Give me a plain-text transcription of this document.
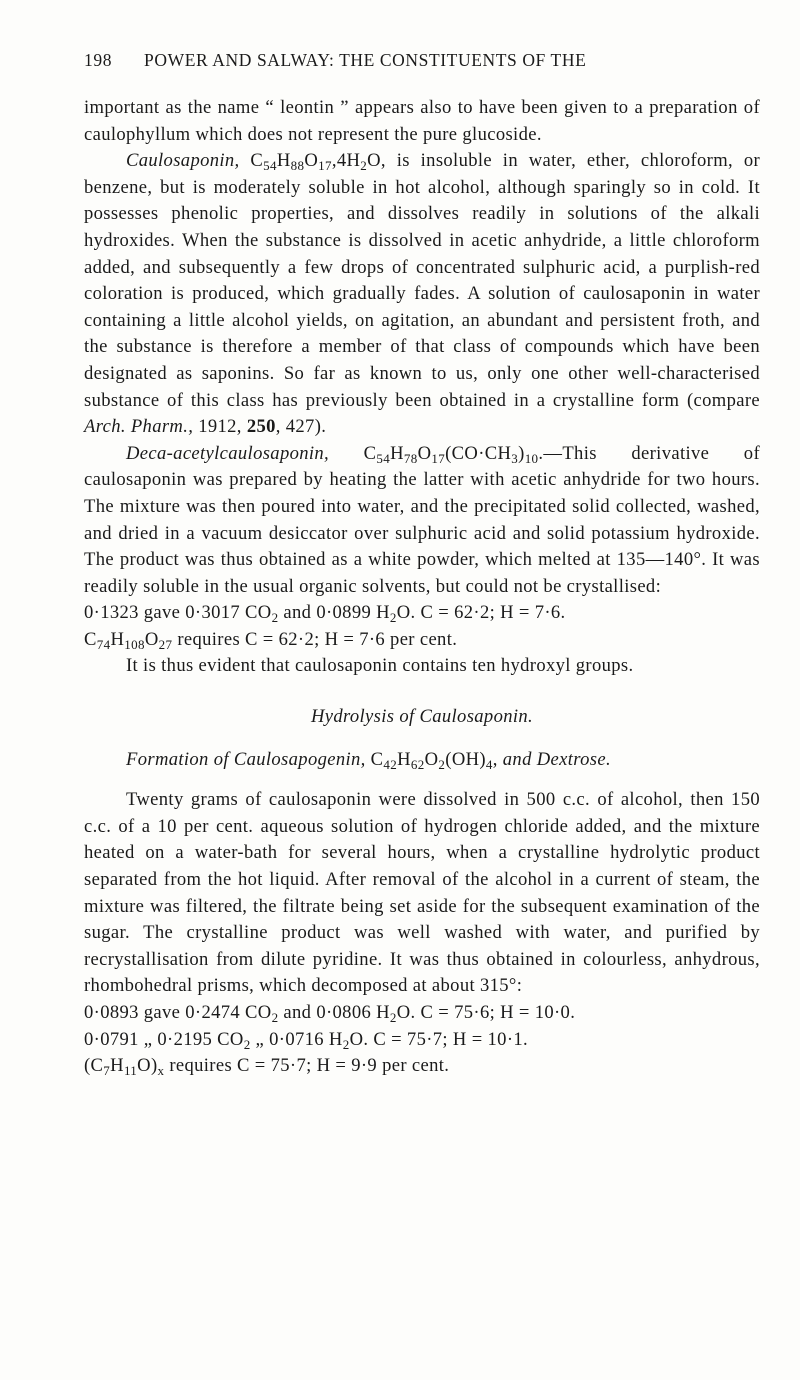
198 POWER AND SALWAY: THE CONSTITUENTS OF THE

important as the name “ leontin ” appears also to have been given to a preparation of caulophyllum which does not represent the pure glucoside.

Caulosaponin, $C_{54}H_{88}O_{17},4H_2O$, is insoluble in water, ether, chloroform, or benzene, but is moderately soluble in hot alcohol, although sparingly so in cold. It possesses phenolic properties, and dissolves readily in solutions of the alkali hydroxides. When the substance is dissolved in acetic anhydride, a little chloroform added, and subsequently a few drops of concentrated sulphuric acid, a purplish-red coloration is produced, which gradually fades. A solution of caulosaponin in water containing a little alcohol yields, on agitation, an abundant and persistent froth, and the substance is therefore a member of that class of compounds which have been designated as saponins. So far as known to us, only one other well-characterised substance of this class has previously been obtained in a crystalline form (compare Arch. Pharm., 1912, 250, 427).

Deca-acetylcaulosaponin, $C_{54}H_{78}O_{17}(CO\cdot CH_3)_{10}.—This$ derivative of caulosaponin was prepared by heating the latter with acetic anhydride for two hours. The mixture was then poured into water, and the precipitated solid collected, washed, and dried in a vacuum desiccator over sulphuric acid and solid potassium hydroxide. The product was thus obtained as a white powder, which melted at 135—140°. It was readily soluble in the usual organic solvents, but could not be crystallised:

0·1323 gave 0·3017 $CO_2$ and 0·0899 $H_2O$. C = 62·2; H = 7·6.

$C_{74}H_{108}O_{27}$ requires C = 62·2; H = 7·6 per cent.

It is thus evident that caulosaponin contains ten hydroxyl groups.

Hydrolysis of Caulosaponin.

Formation of Caulosapogenin, $C_{42}H_{62}O_2(OH)_4$, and Dextrose.

Twenty grams of caulosaponin were dissolved in 500 c.c. of alcohol, then 150 c.c. of a 10 per cent. aqueous solution of hydrogen chloride added, and the mixture heated on a water-bath for several hours, when a crystalline hydrolytic product separated from the hot liquid. After removal of the alcohol in a current of steam, the mixture was filtered, the filtrate being set aside for the subsequent examination of the sugar. The crystalline product was well washed with water, and purified by recrystallisation from dilute pyridine. It was thus obtained in colourless, anhydrous, rhombohedral prisms, which decomposed at about 315°:

0·0893 gave 0·2474 $CO_2$ and 0·0806 $H_2O$. C = 75·6; H = 10·0.

0·0791 „ 0·2195 $CO_2$ „ 0·0716 $H_2O$. C = 75·7; H = 10·1.

$(C_7H_{11}O)_x$ requires C = 75·7; H = 9·9 per cent.
